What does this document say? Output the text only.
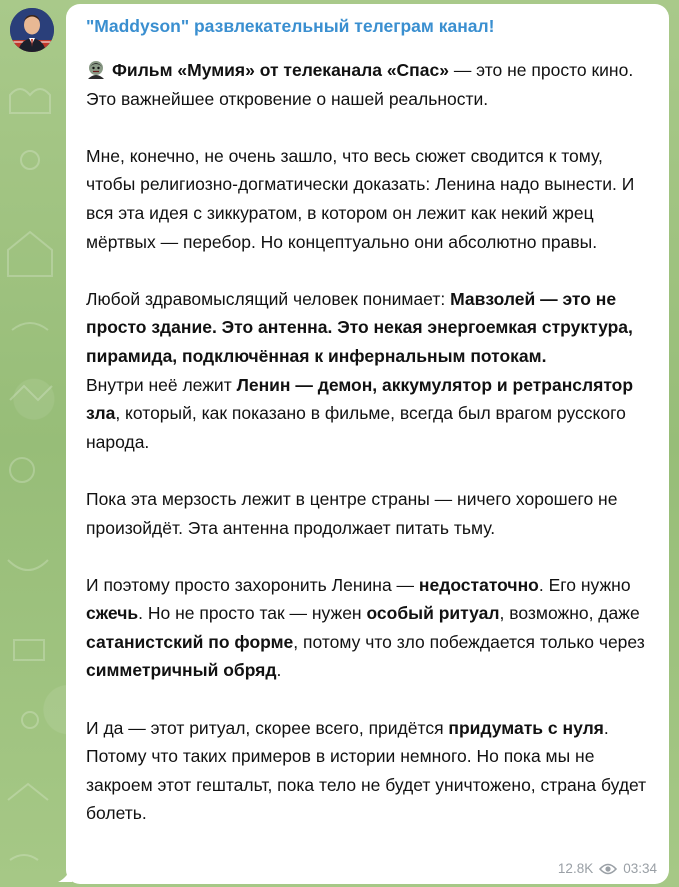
"Maddyson" развлекательный телеграм канал!

Фильм «Мумия» от телеканала «Спас» — это не просто кино. Это важнейшее откровение о нашей реальности.

Мне, конечно, не очень зашло, что весь сюжет сводится к тому, чтобы религиозно-догматически доказать: Ленина надо вынести. И вся эта идея с зиккуратом, в котором он лежит как некий жрец мёртвых — перебор. Но концептуально они абсолютно правы.

Любой здравомыслящий человек понимает: Мавзолей — это не просто здание. Это антенна. Это некая энергоемкая структура, пирамида, подключённая к инфернальным потокам.

Внутри неё лежит Ленин — демон, аккумулятор и ретранслятор зла, который, как показано в фильме, всегда был врагом русского народа.

Пока эта мерзость лежит в центре страны — ничего хорошего не произойдёт. Эта антенна продолжает питать тьму.

И поэтому просто захоронить Ленина — недостаточно. Его нужно сжечь. Но не просто так — нужен особый ритуал, возможно, даже сатанистский по форме, потому что зло побеждается только через симметричный обряд.

И да — этот ритуал, скорее всего, придётся придумать с нуля. Потому что таких примеров в истории немного. Но пока мы не закроем этот гештальт, пока тело не будет уничтожено, страна будет болеть.

12.8K 03:34
